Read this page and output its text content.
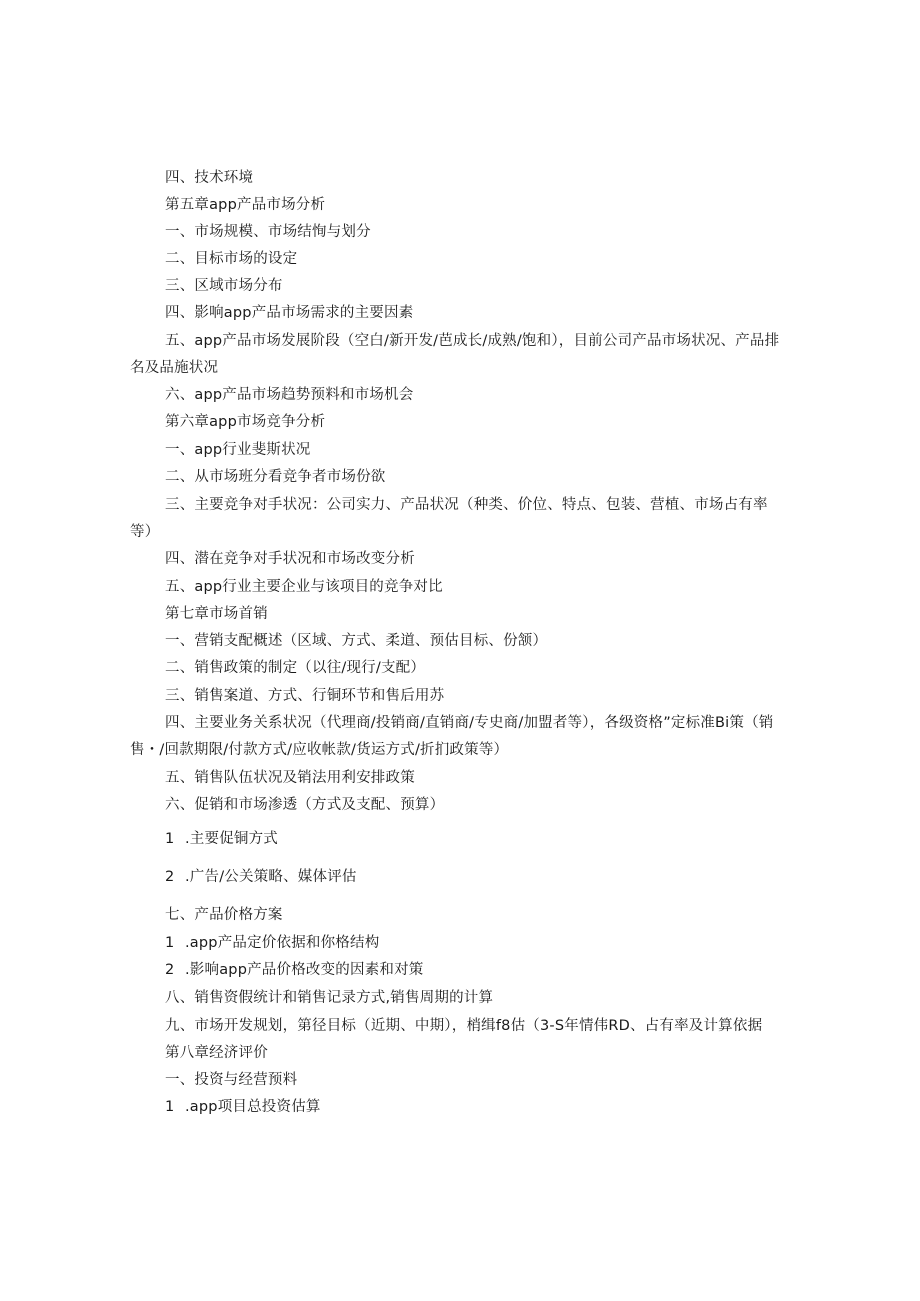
四、技术环境
第五章app产品市场分析
一、市场规模、市场结恂与划分
二、目标市场的设定
三、区域市场分布
四、影响app产品市场需求的主要因素
五、app产品市场发展阶段（空白/新开发/芭成长/成熟/饱和），目前公司产品市场状况、产品排
名及品施状况
六、app产品市场趋势预料和市场机会
第六章app市场竞争分析
一、app行业斐斯状况
二、从市场班分看竞争者市场份欲
三、主要竞争对手状况：公司实力、产品状况（种类、价位、特点、包装、营植、市场占有率
等）
四、潜在竞争对手状况和市场改变分析
五、app行业主要企业与该项目的竞争对比
第七章市场首销
一、营销支配概述（区域、方式、柔道、预估目标、份颔）
二、销售政策的制定（以往/现行/支配）
三、销售案道、方式、行铜环节和售后用苏
四、主要业务关系状况（代理商/投销商/直销商/专史商/加盟者等），各级资格”定标准Bi策（销
售・/回款期限/付款方式/应收帐款/货运方式/折扪政策等）
五、销售队伍状况及销法用利安排政策
六、促销和市场渗透（方式及支配、预算）
1 .主要促铜方式
2 .广告/公关策略、媒体评估
七、产品价格方案
1 .app产品定价依据和你格结构
2 .影响app产品价格改变的因素和对策
八、销售资假统计和销售记录方式,销售周期的计算
九、市场开发规划，第径目标（近期、中期），梢缉f8估（3-S年情伟RD、占有率及计算依据
第八章经济评价
一、投资与经营预料
1 .app项目总投资估算
